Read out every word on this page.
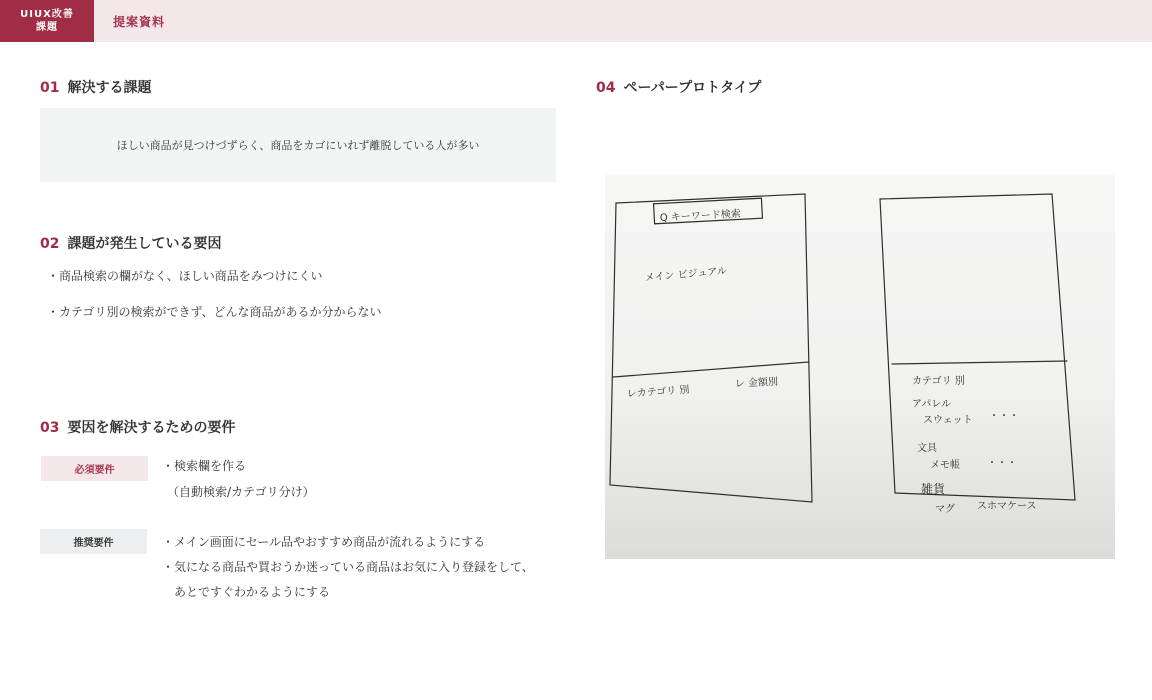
UIUX改善
課題	提案資料
01 解決する課題
ほしい商品が見つけづずらく、商品をカゴにいれず離脱している人が多い
02 課題が発生している要因
・商品検索の欄がなく、ほしい商品をみつけにくい
・カテゴリ別の検索ができず、どんな商品があるか分からない
03 要因を解決するための要件
必須要件	・検索欄を作る
（自動検索/カテゴリ分け）
推奨要件	・メイン画面にセール品やおすすめ商品が流れるようにする
・気になる商品や買おうか迷っている商品はお気に入り登録をして、
　あとですぐわかるようにする
04 ペーパープロトタイプ
Q キーワード検索
メイン ビジュアル
レカテゴリ 別
レ 金額別	カテゴリ 別
アパレル
スウェット ・・・
文具
メモ帳	・・・
雑貨
マグ スホマケース
